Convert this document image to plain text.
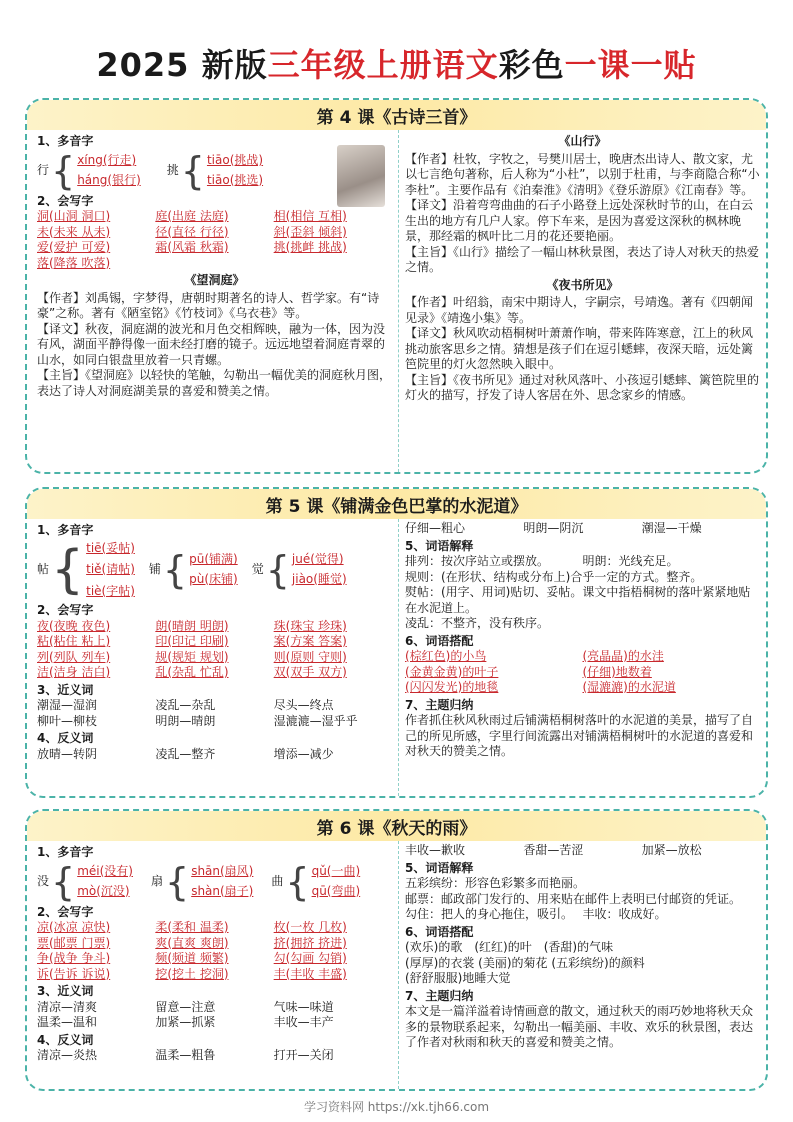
2025 新版三年级上册语文彩色一课一贴
第 4 课《古诗三首》
1、多音字
行 { xíng(行走)
háng(银行)
挑 { tiāo(挑战)
tiāo(挑选)
2、会写字
洞(山洞 洞口)	庭(出庭 法庭)	相(相信 互相)
未(未来 从未)	径(直径 行径)	斜(歪斜 倾斜)
爱(爱护 可爱)	霜(风霜 秋霜)	挑(挑衅 挑战)
落(降落 吹落)
《望洞庭》

【作者】刘禹锡，字梦得，唐朝时期著名的诗人、哲学家。有“诗豪”之称。著有《陋室铭》《竹枝词》《乌衣巷》等。

【译文】秋夜，洞庭湖的波光和月色交相辉映，融为一体，因为没有风，湖面平静得像一面未经打磨的镜子。远远地望着洞庭青翠的山水，如同白银盘里放着一只青螺。

【主旨】《望洞庭》以轻快的笔触，勾勒出一幅优美的洞庭秋月图，表达了诗人对洞庭湖美景的喜爱和赞美之情。

《山行》

【作者】杜牧，字牧之，号樊川居士，晚唐杰出诗人、散文家，尤以七言绝句著称，后人称为“小杜”，以别于杜甫，与李商隐合称“小李杜”。主要作品有《泊秦淮》《清明》《登乐游原》《江南春》等。

【译文】沿着弯弯曲曲的石子小路登上远处深秋时节的山，在白云生出的地方有几户人家。停下车来，是因为喜爱这深秋的枫林晚景，那经霜的枫叶比二月的花还要艳丽。

【主旨】《山行》描绘了一幅山林秋景图，表达了诗人对秋天的热爱之情。

《夜书所见》

【作者】叶绍翁，南宋中期诗人，字嗣宗，号靖逸。著有《四朝闻见录》《靖逸小集》等。

【译文】秋风吹动梧桐树叶萧萧作响，带来阵阵寒意，江上的秋风挑动旅客思乡之情。猜想是孩子们在逗引蟋蟀，夜深天暗，远处篱笆院里的灯火忽然映入眼中。

【主旨】《夜书所见》通过对秋风落叶、小孩逗引蟋蟀、篱笆院里的灯火的描写，抒发了诗人客居在外、思念家乡的情感。

第 5 课《铺满金色巴掌的水泥道》
1、多音字
帖 { tiē(妥帖)
tiě(请帖)
tiè(字帖)
铺 { pū(铺满)
pù(床铺)
觉 { jué(觉得)
jiào(睡觉)
2、会写字
夜(夜晚 夜色)	朗(晴朗 明朗)	珠(珠宝 珍珠)
粘(粘住 粘上)	印(印记 印刷)	案(方案 答案)
列(列队 列车)	规(规矩 规划)	则(原则 守则)
洁(洁身 洁白)	乱(杂乱 忙乱)	双(双手 双方)
3、近义词
潮湿—湿润	凌乱—杂乱	尽头—终点
柳叶—柳枝	明朗—晴朗	湿漉漉—湿乎乎
4、反义词
放晴—转阴	凌乱—整齐	增添—减少
仔细—粗心	明朗—阴沉	潮湿—干燥
5、词语解释
排列：按次序站立或摆放。	明朗：光线充足。

规则：(在形状、结构或分布上)合乎一定的方式。整齐。

熨帖：(用字、用词)贴切、妥帖。课文中指梧桐树的落叶紧紧地贴在水泥道上。

凌乱：不整齐，没有秩序。

6、词语搭配
(棕红色)的小鸟	(亮晶晶)的水洼
(金黄金黄)的叶子	(仔细)地数着
(闪闪发光)的地毯	(湿漉漉)的水泥道
7、主题归纳

作者抓住秋风秋雨过后铺满梧桐树落叶的水泥道的美景，描写了自己的所见所感，字里行间流露出对铺满梧桐树叶的水泥道的喜爱和对秋天的赞美之情。

第 6 课《秋天的雨》
1、多音字
没 { méi(没有)
mò(沉没)
扇 { shān(扇风)
shàn(扇子)
曲 { qǔ(一曲)
qū(弯曲)
2、会写字
凉(冰凉 凉快)	柔(柔和 温柔)	枚(一枚 几枚)
票(邮票 门票)	爽(直爽 爽朗)	挤(拥挤 挤进)
争(战争 争斗)	频(频道 频繁)	勾(勾画 勾销)
诉(告诉 诉说)	挖(挖土 挖洞)	丰(丰收 丰盛)
3、近义词
清凉—清爽	留意—注意	气味—味道
温柔—温和	加紧—抓紧	丰收—丰产
4、反义词
清凉—炎热	温柔—粗鲁	打开—关闭
丰收—歉收	香甜—苦涩	加紧—放松
5、词语解释

五彩缤纷：形容色彩繁多而艳丽。

邮票：邮政部门发行的、用来贴在邮件上表明已付邮资的凭证。

勾住：把人的身心拖住，吸引。 丰收：收成好。
6、词语搭配

(欢乐)的歌　(红红)的叶　(香甜)的气味

(厚厚)的衣裳 (美丽)的菊花 (五彩缤纷)的颜料

(舒舒服服)地睡大觉

7、主题归纳

本文是一篇洋溢着诗情画意的散文，通过秋天的雨巧妙地将秋天众多的景物联系起来，勾勒出一幅美丽、丰收、欢乐的秋景图，表达了作者对秋雨和秋天的喜爱和赞美之情。

学习资料网 https://xk.tjh66.com
